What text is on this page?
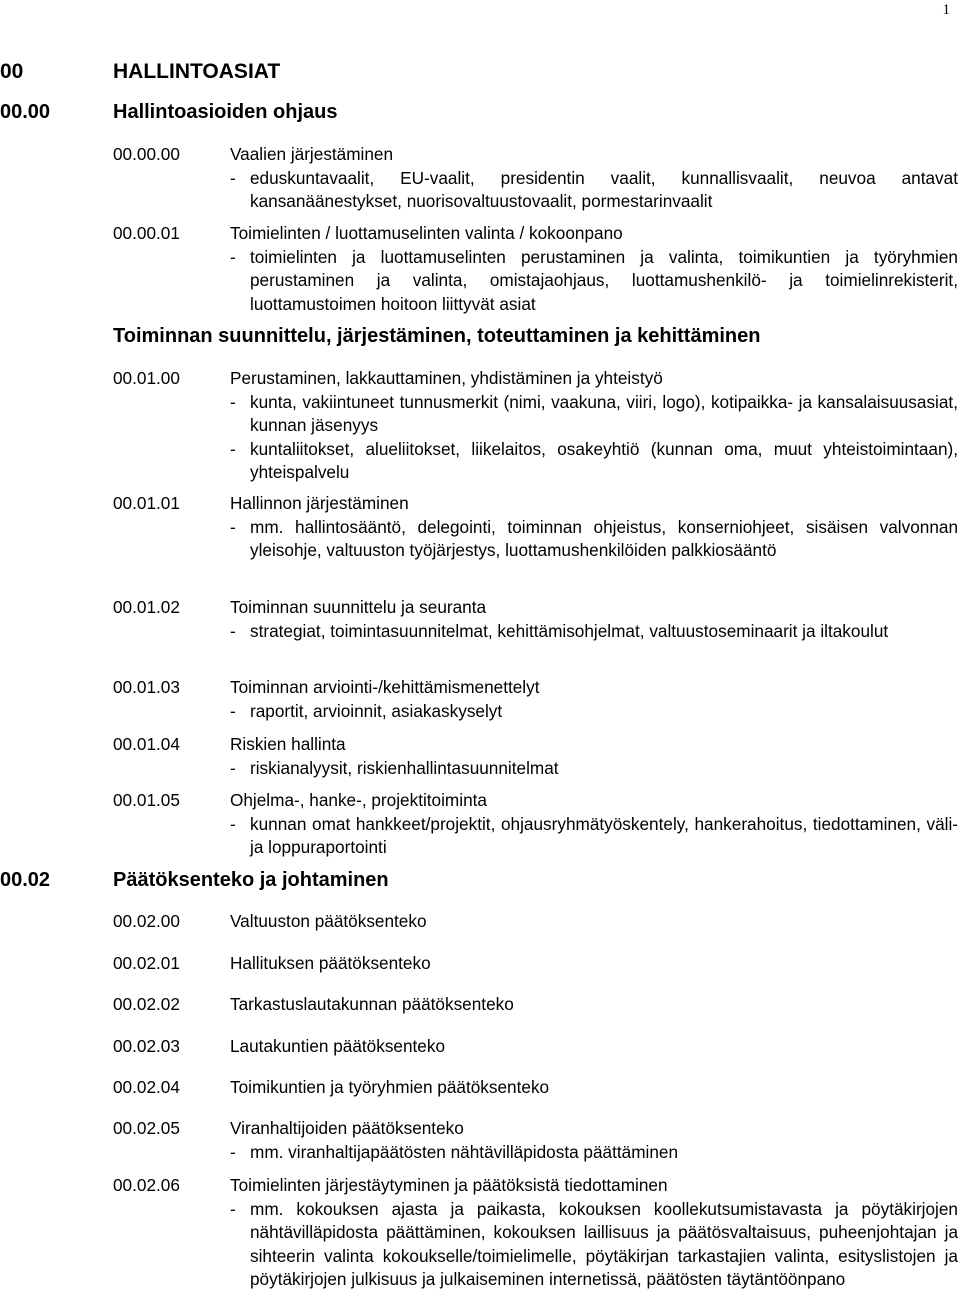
1
00	HALLINTOASIAT
00.00	Hallintoasioiden ohjaus
00.00.00	Vaalien järjestäminen
- eduskuntavaalit, EU-vaalit, presidentin vaalit, kunnallisvaalit, neuvoa antavat kansanäänestykset, nuorisovaltuustovaalit, pormestarinvaalit
00.00.01	Toimielinten / luottamuselinten valinta / kokoonpano
- toimielinten ja luottamuselinten perustaminen ja valinta, toimikuntien ja työryhmien perustaminen ja valinta, omistajaohjaus, luottamushenkilö- ja toimielinrekisterit, luottamustoimen hoitoon liittyvät asiat
Toiminnan suunnittelu, järjestäminen, toteuttaminen ja kehittäminen
00.01.00	Perustaminen, lakkauttaminen, yhdistäminen ja yhteistyö
- kunta, vakiintuneet tunnusmerkit (nimi, vaakuna, viiri, logo), kotipaikka- ja kansalaisuusasiat, kunnan jäsenyys
- kuntaliitokset, alueliitokset, liikelaitos, osakeyhtiö (kunnan oma, muut yhteistoimintaan), yhteispalvelu
00.01.01	Hallinnon järjestäminen
- mm. hallintosääntö, delegointi, toiminnan ohjeistus, konserniohjeet, sisäisen valvonnan yleisohje, valtuuston työjärjestys, luottamushenkilöiden palkkiosääntö
00.01.02	Toiminnan suunnittelu ja seuranta
- strategiat, toimintasuunnitelmat, kehittämisohjelmat, valtuustoseminaarit ja iltakoulut
00.01.03	Toiminnan arviointi-/kehittämismenettelyt
- raportit, arvioinnit, asiakaskyselyt
00.01.04	Riskien hallinta
- riskianalyysit, riskienhallintasuunnitelmat
00.01.05	Ohjelma-, hanke-, projektitoiminta
- kunnan omat hankkeet/projektit, ohjausryhmätyöskentely, hankerahoitus, tiedottaminen, väli- ja loppuraportointi
00.02	Päätöksenteko ja johtaminen
00.02.00	Valtuuston päätöksenteko
00.02.01	Hallituksen päätöksenteko
00.02.02	Tarkastuslautakunnan päätöksenteko
00.02.03	Lautakuntien päätöksenteko
00.02.04	Toimikuntien ja työryhmien päätöksenteko
00.02.05	Viranhaltijoiden päätöksenteko
- mm. viranhaltijapäätösten nähtävilläpidosta päättäminen
00.02.06	Toimielinten järjestäytyminen ja päätöksistä tiedottaminen
- mm. kokouksen ajasta ja paikasta, kokouksen koollekutsumistavasta ja pöytäkirjojen nähtävilläpidosta päättäminen, kokouksen laillisuus ja päätösvaltaisuus, puheenjohtajan ja sihteerin valinta kokoukselle/toimielimelle, pöytäkirjan tarkastajien valinta, esityslistojen ja pöytäkirjojen julkisuus ja julkaiseminen internetissä, päätösten täytäntöönpano
